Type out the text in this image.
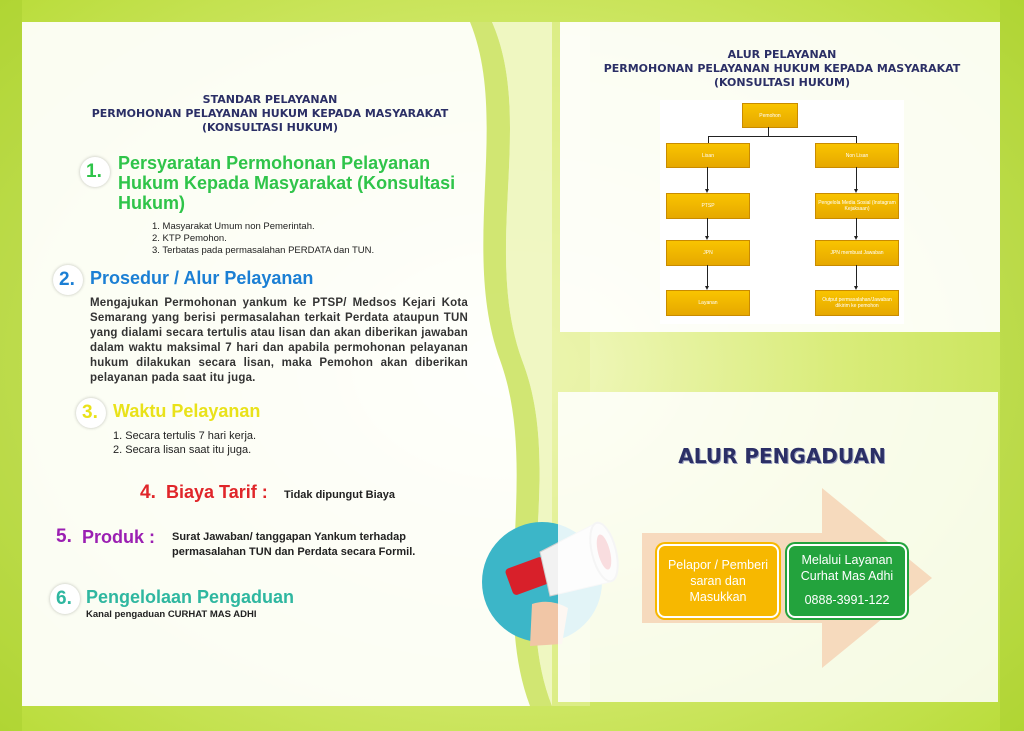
STANDAR PELAYANAN
PERMOHONAN PELAYANAN HUKUM KEPADA MASYARAKAT
(KONSULTASI HUKUM)
1. Persyaratan Permohonan Pelayanan Hukum Kepada Masyarakat (Konsultasi Hukum)
1. Masyarakat Umum non Pemerintah.
2. KTP Pemohon.
3. Terbatas pada permasalahan PERDATA dan TUN.
2. Prosedur / Alur Pelayanan
Mengajukan Permohonan yankum ke PTSP/ Medsos Kejari Kota Semarang yang berisi permasalahan terkait Perdata ataupun TUN yang dialami secara tertulis atau lisan dan akan diberikan jawaban dalam waktu maksimal 7 hari dan apabila permohonan pelayanan hukum dilakukan secara lisan, maka Pemohon akan diberikan pelayanan pada saat itu juga.
3. Waktu Pelayanan
1. Secara tertulis 7 hari kerja.
2. Secara lisan saat itu juga.
4. Biaya Tarif : Tidak dipungut Biaya
5. Produk : Surat Jawaban/ tanggapan Yankum terhadap permasalahan TUN dan Perdata secara Formil.
6. Pengelolaan Pengaduan
Kanal pengaduan CURHAT MAS ADHI
ALUR PELAYANAN
PERMOHONAN PELAYANAN HUKUM KEPADA MASYARAKAT
(KONSULTASI HUKUM)
Pemohon
Lisan
PTSP
JPN
Layanan
Non Lisan
Pengelola Media Sosial (Instagram Kejaksaan)
JPN membuat Jawaban
Output permasalahan/Jawaban dikirim ke pemohon
ALUR PENGADUAN
Pelapor / Pemberi saran dan Masukkan
Melalui Layanan Curhat Mas Adhi
0888-3991-122
